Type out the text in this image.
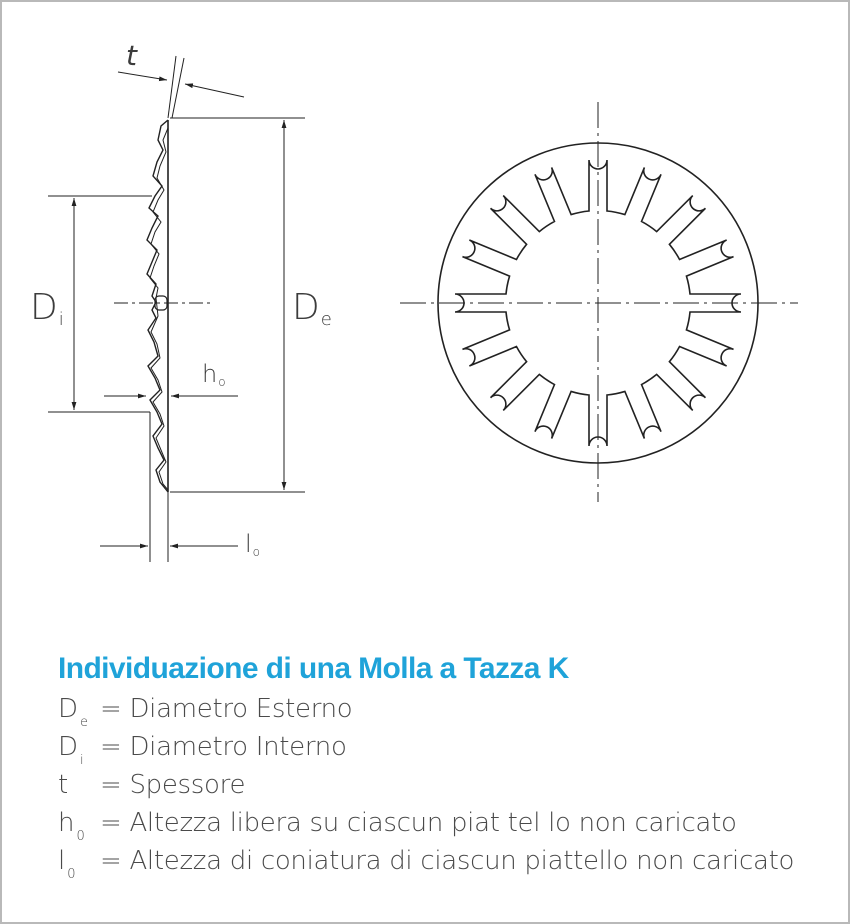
t
$h_o$
$l_o$
$D_i$	$D_e$
Individuazione di una Molla a Tazza K
D $_e$ = Diametro Esterno
D $_i$ = Diametro Interno
t = Spessore
h $_0$ = Altezza libera su ciascun piat tel lo non caricato
l $_0$ = Altezza di coniatura di ciascun piattello non caricato
